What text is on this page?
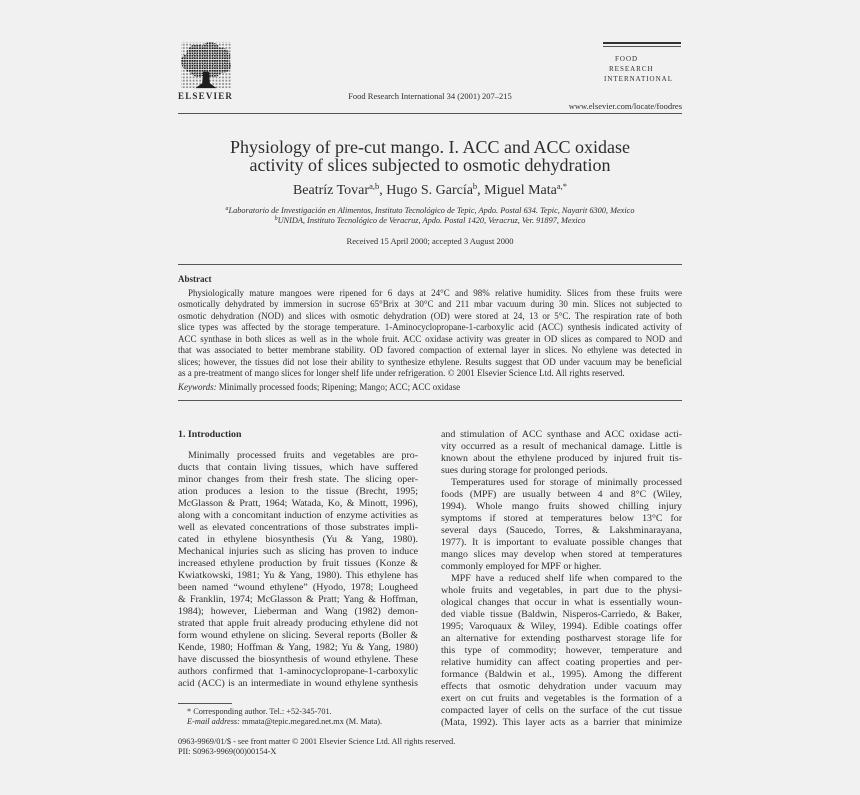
ELSEVIER	Food Research International 34 (2001) 207–215
FOOD
RESEARCH
INTERNATIONAL
www.elsevier.com/locate/foodres
Physiology of pre-cut mango. I. ACC and ACC oxidase
activity of slices subjected to osmotic dehydration
Beatríz Tovar$^{a,b}$, Hugo S. García$^b$, Miguel Mata$^{a,*}$
$^a$Laboratorio de Investigación en Alimentos, Instituto Tecnológico de Tepic, Apdo. Postal 634. Tepic, Nayarit 6300, Mexico
$^b$UNIDA, Instituto Tecnológico de Veracruz, Apdo. Postal 1420, Veracruz, Ver. 91897, Mexico
Received 15 April 2000; accepted 3 August 2000
Abstract
Physiologically mature mangoes were ripened for 6 days at 24°C and 98% relative humidity. Slices from these fruits were
osmotically dehydrated by immersion in sucrose 65°Brix at 30°C and 211 mbar vacuum during 30 min. Slices not subjected to
osmotic dehydration (NOD) and slices with osmotic dehydration (OD) were stored at 24, 13 or 5°C. The respiration rate of both
slice types was affected by the storage temperature. 1-Aminocyclopropane-1-carboxylic acid (ACC) synthesis indicated activity of
ACC synthase in both slices as well as in the whole fruit. ACC oxidase activity was greater in OD slices as compared to NOD and
that was associated to better membrane stability. OD favored compaction of external layer in slices. No ethylene was detected in
slices; however, the tissues did not lose their ability to synthesize ethylene. Results suggest that OD under vacuum may be beneficial
as a pre-treatment of mango slices for longer shelf life under refrigeration. © 2001 Elsevier Science Ltd. All rights reserved.
Keywords: Minimally processed foods; Ripening; Mango; ACC; ACC oxidase
1. Introduction
Minimally processed fruits and vegetables are pro-
ducts that contain living tissues, which have suffered
minor changes from their fresh state. The slicing oper-
ation produces a lesion to the tissue (Brecht, 1995;
McGlasson & Pratt, 1964; Watada, Ko, & Minott, 1996),
along with a concomitant induction of enzyme activities as
well as elevated concentrations of those substrates impli-
cated in ethylene biosynthesis (Yu & Yang, 1980).
Mechanical injuries such as slicing has proven to induce
increased ethylene production by fruit tissues (Konze &
Kwiatkowski, 1981; Yu & Yang, 1980). This ethylene has
been named “wound ethylene” (Hyodo, 1978; Lougheed
& Franklin, 1974; McGlasson & Pratt; Yang & Hoffman,
1984); however, Lieberman and Wang (1982) demon-
strated that apple fruit already producing ethylene did not
form wound ethylene on slicing. Several reports (Boller &
Kende, 1980; Hoffman & Yang, 1982; Yu & Yang, 1980)
have discussed the biosynthesis of wound ethylene. These
authors confirmed that 1-aminocyclopropane-1-carboxylic
acid (ACC) is an intermediate in wound ethylene synthesis
and stimulation of ACC synthase and ACC oxidase acti-
vity occurred as a result of mechanical damage. Little is
known about the ethylene produced by injured fruit tis-
sues during storage for prolonged periods.
Temperatures used for storage of minimally processed
foods (MPF) are usually between 4 and 8°C (Wiley,
1994). Whole mango fruits showed chilling injury
symptoms if stored at temperatures below 13°C for
several days (Saucedo, Torres, & Lakshminarayana,
1977). It is important to evaluate possible changes that
mango slices may develop when stored at temperatures
commonly employed for MPF or higher.
MPF have a reduced shelf life when compared to the
whole fruits and vegetables, in part due to the physi-
ological changes that occur in what is essentially woun-
ded viable tissue (Baldwin, Nisperos-Carriedo, & Baker,
1995; Varoquaux & Wiley, 1994). Edible coatings offer
an alternative for extending postharvest storage life for
this type of commodity; however, temperature and
relative humidity can affect coating properties and per-
formance (Baldwin et al., 1995). Among the different
effects that osmotic dehydration under vacuum may
exert on cut fruits and vegetables is the formation of a
compacted layer of cells on the surface of the cut tissue
(Mata, 1992). This layer acts as a barrier that minimize
* Corresponding author. Tel.: +52-345-701.
E-mail address: mmata@tepic.megared.net.mx (M. Mata).
0963-9969/01/$ - see front matter © 2001 Elsevier Science Ltd. All rights reserved.
PII: S0963-9969(00)00154-X
